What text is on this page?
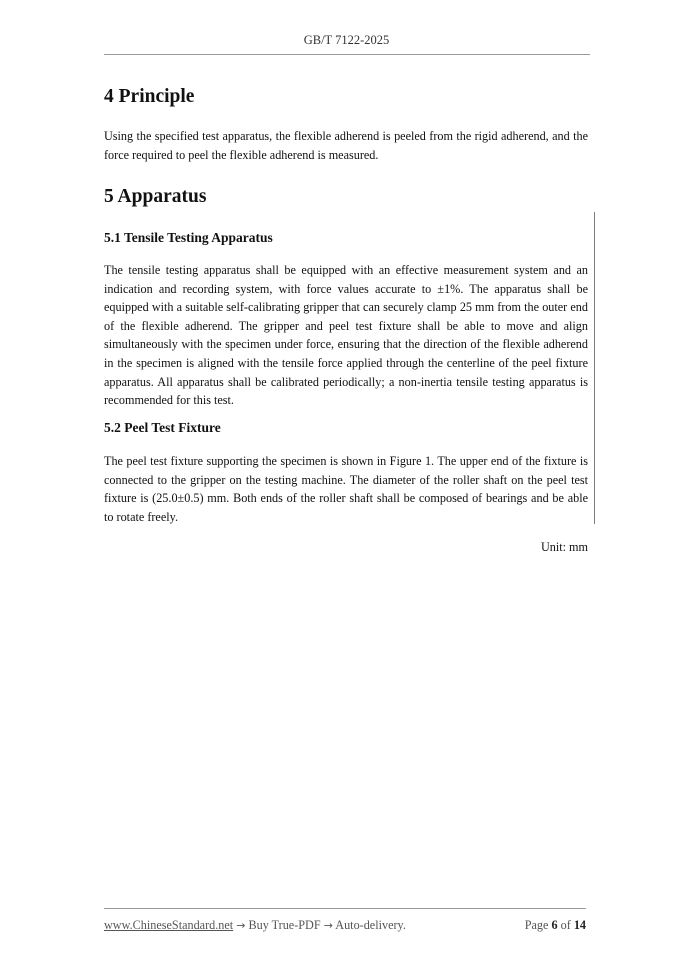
GB/T 7122-2025
4 Principle

Using the specified test apparatus, the flexible adherend is peeled from the rigid adherend, and the force required to peel the flexible adherend is measured.

5 Apparatus
5.1 Tensile Testing Apparatus

The tensile testing apparatus shall be equipped with an effective measurement system and an indication and recording system, with force values accurate to ±1%. The apparatus shall be equipped with a suitable self-calibrating gripper that can securely clamp 25 mm from the outer end of the flexible adherend. The gripper and peel test fixture shall be able to move and align simultaneously with the specimen under force, ensuring that the direction of the flexible adherend in the specimen is aligned with the tensile force applied through the centerline of the peel fixture apparatus. All apparatus shall be calibrated periodically; a non-inertia tensile testing apparatus is recommended for this test.

5.2 Peel Test Fixture

The peel test fixture supporting the specimen is shown in Figure 1. The upper end of the fixture is connected to the gripper on the testing machine. The diameter of the roller shaft on the peel test fixture is (25.0±0.5) mm. Both ends of the roller shaft shall be composed of bearings and be able to rotate freely.

Unit: mm
www.ChineseStandard.net → Buy True-PDF → Auto-delivery.	Page 6 of 14
